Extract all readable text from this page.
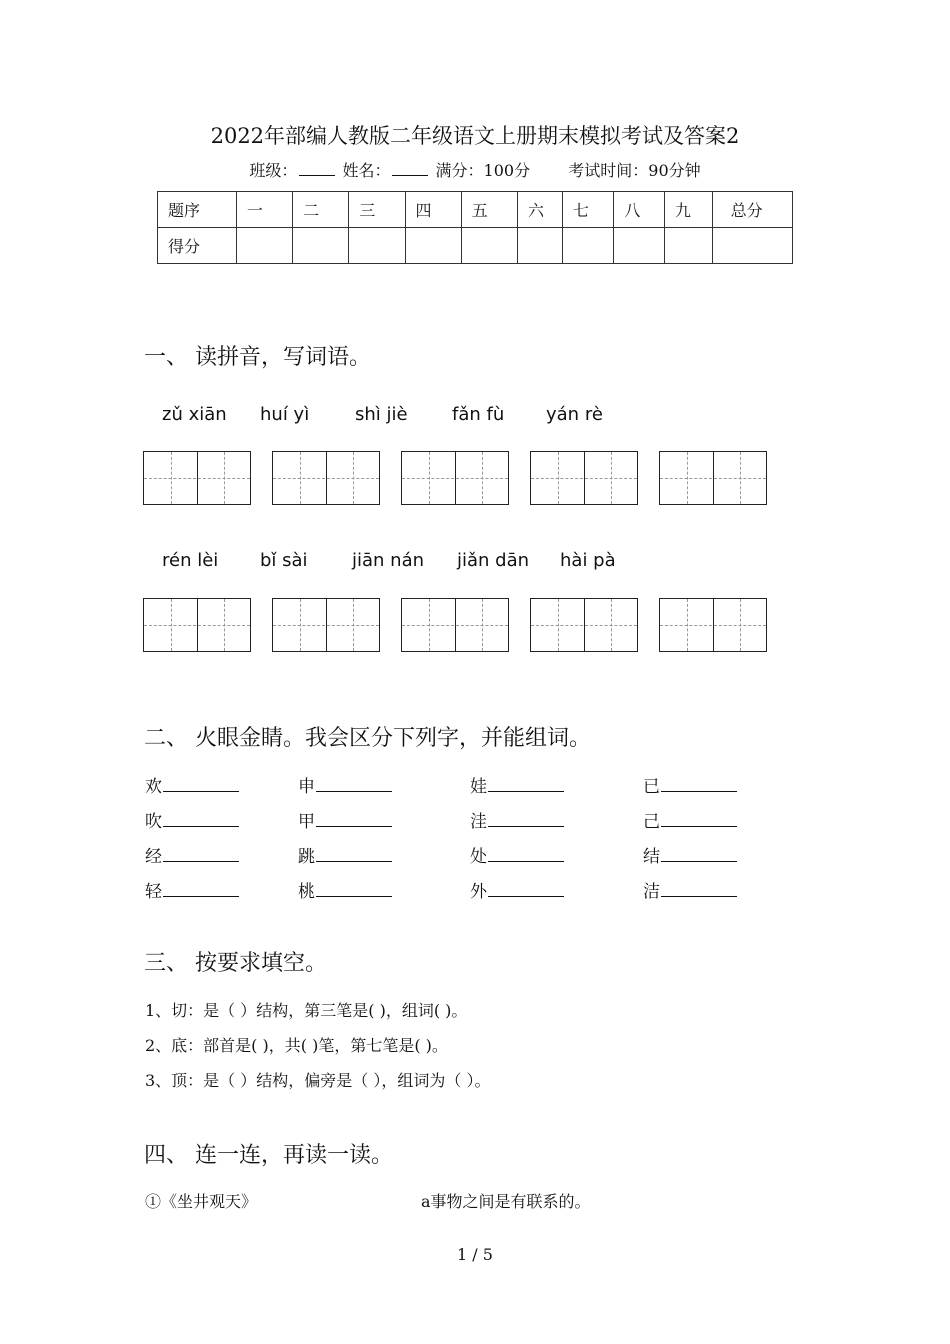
2022年部编人教版二年级语文上册期末模拟考试及答案2
班级：	姓名：	满分：100分 考试时间：90分钟
题序	一	二	三	四	五	六	七	八	九	总分
得分										
一、 读拼音，写词语。
zǔ xiān huí yì	shì jiè fǎn fù yán rè
rén lèi bǐ sài jiān nán jiǎn dān hài pà
二、 火眼金睛。我会区分下列字，并能组词。
欢	申	娃	已
吹	甲	洼	己
经	跳	处	结
轻	桃	外	洁
三、 按要求填空。
1、切：是（ ）结构，第三笔是( )，组词( )。
2、底：部首是( )，共( )笔，第七笔是( )。
3、顶：是（ ）结构，偏旁是（ ），组词为（ ）。
四、 连一连，再读一读。
①《坐井观天》	a事物之间是有联系的。
1 / 5
